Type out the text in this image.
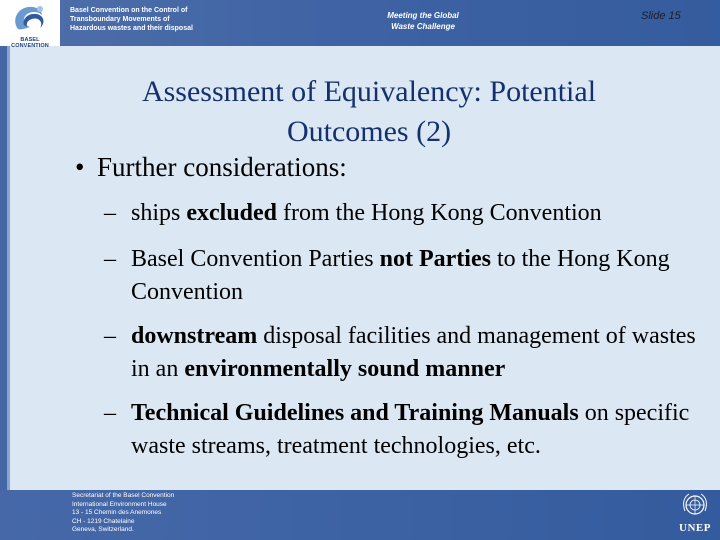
BASEL CONVENTION
Basel Convention on the Control of
Transboundary Movements of
Hazardous wastes and their disposal
Meeting the Global
Waste Challenge
Slide 15
Assessment of Equivalency: Potential
Outcomes (2)
• Further considerations:
– ships excluded from the Hong Kong Convention
– Basel Convention Parties not Parties to the Hong Kong Convention
– downstream disposal facilities and management of wastes in an environmentally sound manner
– Technical Guidelines and Training Manuals on specific waste streams, treatment technologies, etc.
Secretariat of the Basel Convention
International Environment House
13 - 15 Chemin des Anemones
CH - 1219 Chatelaine
Geneva, Switzerland.	UNEP
